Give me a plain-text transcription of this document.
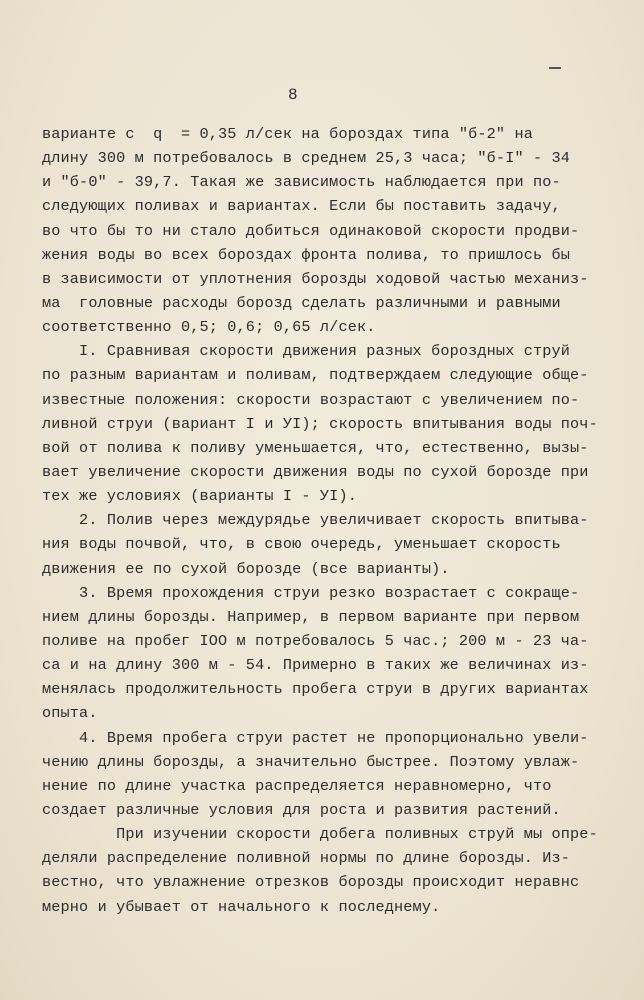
8
варианте с  q  = 0,35 л/сек на бороздах типа "б-2" на
длину 300 м потребовалось в среднем 25,3 часа; "б-I" - 34
и "б-0" - 39,7. Такая же зависимость наблюдается при по-
следующих поливах и вариантах. Если бы поставить задачу,
во что бы то ни стало добиться одинаковой скорости продви-
жения воды во всех бороздах фронта полива, то пришлось бы
в зависимости от уплотнения борозды ходовой частью механиз-
ма  головные расходы борозд сделать различными и равными
соответственно 0,5; 0,6; 0,65 л/сек.
I. Сравнивая скорости движения разных бороздных струй
по разным вариантам и поливам, подтверждаем следующие обще-
известные положения: скорости возрастают с увеличением по-
ливной струи (вариант I и УI); скорость впитывания воды поч-
вой от полива к поливу уменьшается, что, естественно, вызы-
вает увеличение скорости движения воды по сухой борозде при
тех же условиях (варианты I - УI).
2. Полив через междурядье увеличивает скорость впитыва-
ния воды почвой, что, в свою очередь, уменьшает скорость
движения ее по сухой борозде (все варианты).
3. Время прохождения струи резко возрастает с сокраще-
нием длины борозды. Например, в первом варианте при первом
поливе на пробег IOO м потребовалось 5 час.; 200 м - 23 ча-
са и на длину 300 м - 54. Примерно в таких же величинах из-
менялась продолжительность пробега струи в других вариантах
опыта.
4. Время пробега струи растет не пропорционально увели-
чению длины борозды, а значительно быстрее. Поэтому увлаж-
нение по длине участка распределяется неравномерно, что
создает различные условия для роста и развития растений.
При изучении скорости добега поливных струй мы опре-
деляли распределение поливной нормы по длине борозды. Из-
вестно, что увлажнение отрезков борозды происходит неравнс
мерно и убывает от начального к последнему.
